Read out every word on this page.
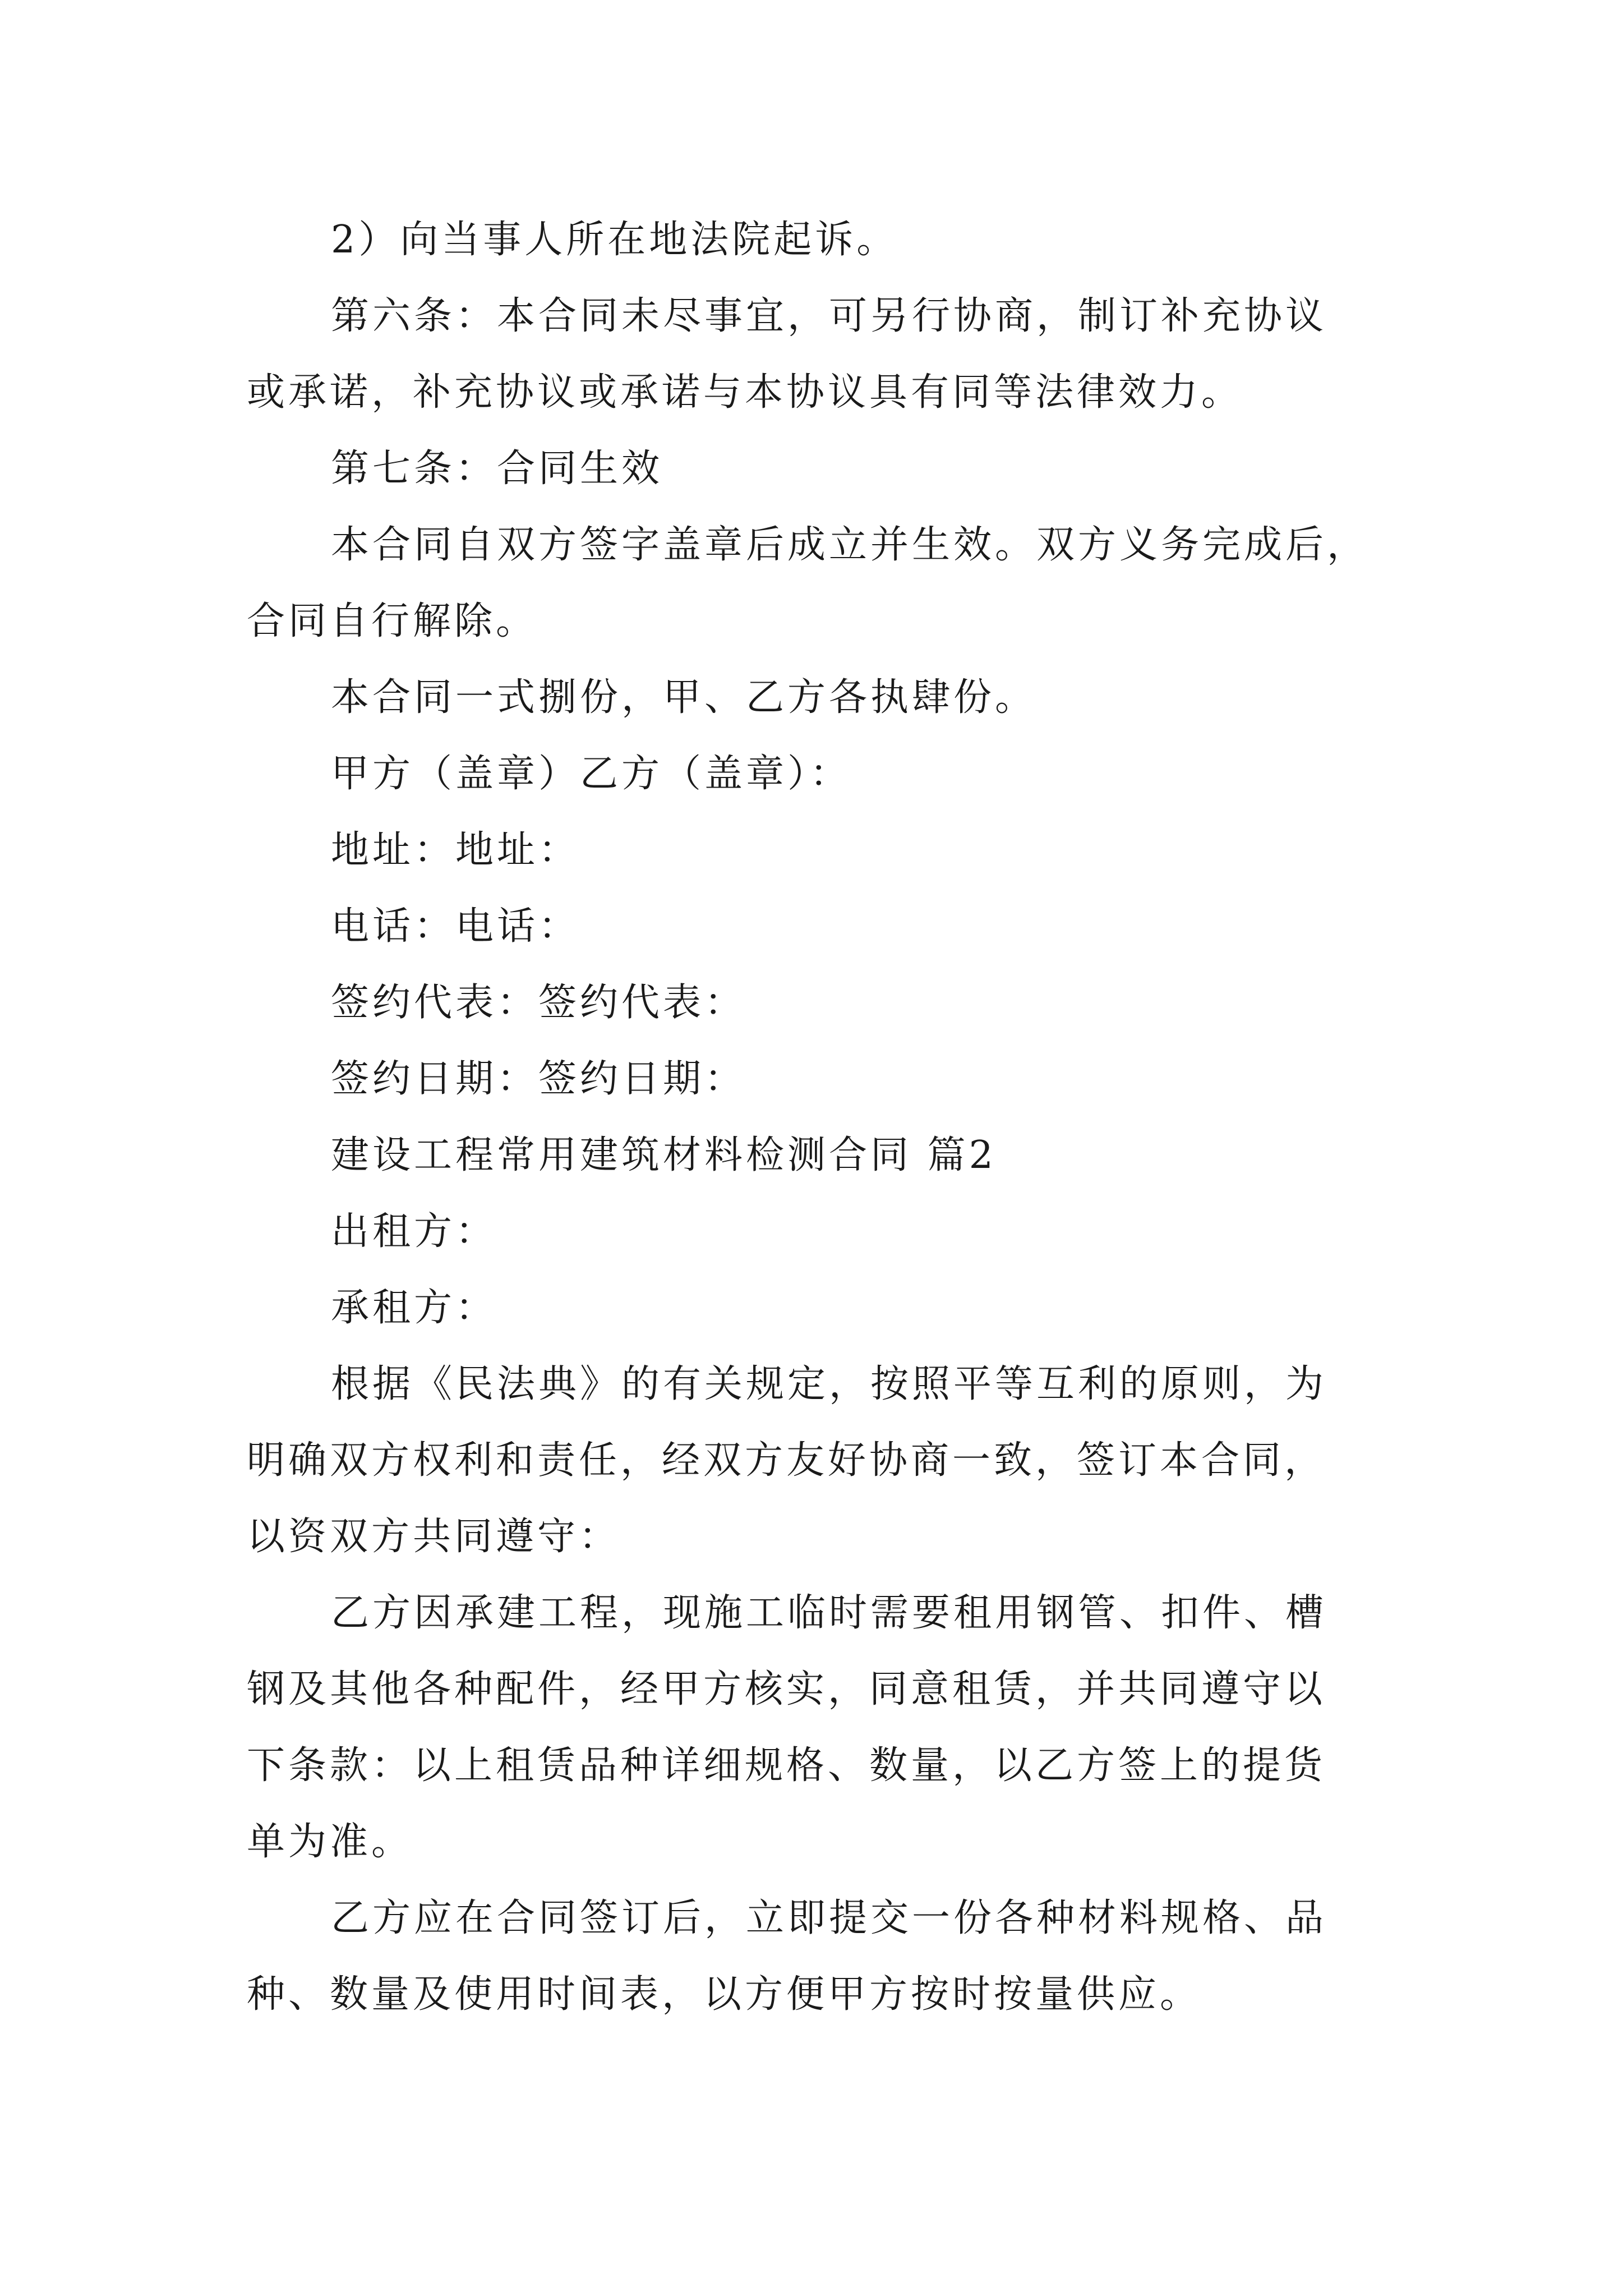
2）向当事人所在地法院起诉。
第六条：本合同未尽事宜，可另行协商，制订补充协议
或承诺，补充协议或承诺与本协议具有同等法律效力。
第七条：合同生效
本合同自双方签字盖章后成立并生效。双方义务完成后，
合同自行解除。
本合同一式捌份，甲、乙方各执肆份。
甲方（盖章）乙方（盖章）：
地址：地址：
电话：电话：
签约代表：签约代表：
签约日期：签约日期：
建设工程常用建筑材料检测合同 篇2
出租方：
承租方：
根据《民法典》的有关规定，按照平等互利的原则，为
明确双方权利和责任，经双方友好协商一致，签订本合同，
以资双方共同遵守：
乙方因承建工程，现施工临时需要租用钢管、扣件、槽
钢及其他各种配件，经甲方核实，同意租赁，并共同遵守以
下条款：以上租赁品种详细规格、数量，以乙方签上的提货
单为准。
乙方应在合同签订后，立即提交一份各种材料规格、品
种、数量及使用时间表，以方便甲方按时按量供应。
